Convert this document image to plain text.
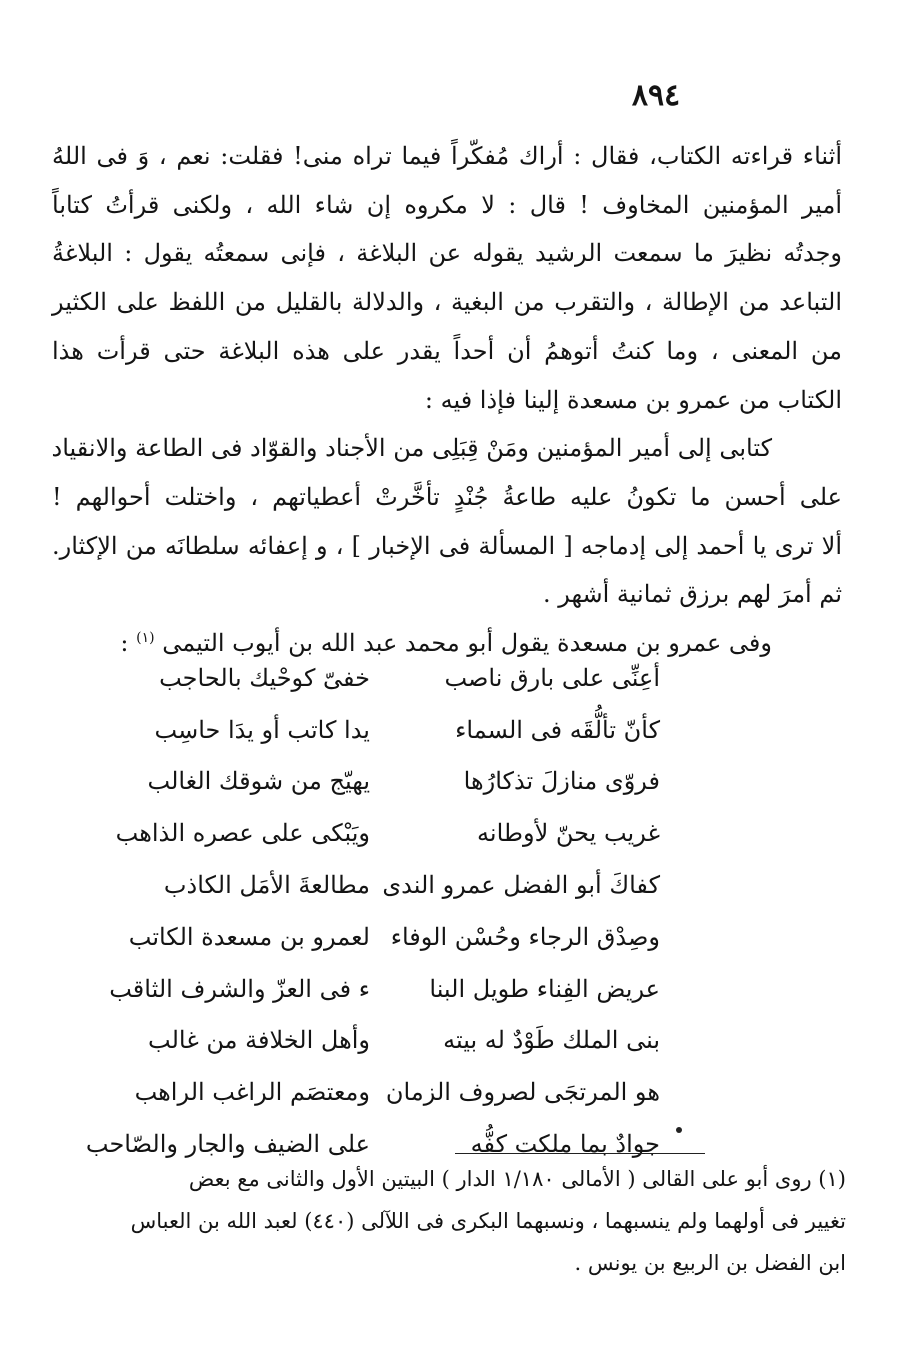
٨٩٤
أثناء قراءته الكتاب، فقال : أراك مُفكّراً فيما تراه منى! فقلت: نعم ، وَ فى اللهُ
أمير المؤمنين المخاوف ! قال : لا مكروه إن شاء الله ، ولكنى قرأتُ كتاباً
وجدتُه نظيرَ ما سمعت الرشيد يقوله عن البلاغة ، فإنى سمعتُه يقول : البلاغةُ
التباعد من الإطالة ، والتقرب من البغية ، والدلالة بالقليل من اللفظ على الكثير
من المعنى ، وما كنتُ أتوهمُ أن أحداً يقدر على هذه البلاغة حتى قرأت هذا
الكتاب من عمرو بن مسعدة إلينا فإذا فيه :
كتابى إلى أمير المؤمنين ومَنْ قِبَلِى من الأجناد والقوّاد فى الطاعة والانقياد
على أحسن ما تكونُ عليه طاعةُ جُنْدٍ تأخَّرتْ أعطياتهم ، واختلت أحوالهم !
ألا ترى يا أحمد إلى إدماجه [ المسألة فى الإخبار ] ، و إعفائه سلطانَه من الإكثار.
ثم أمرَ لهم برزق ثمانية أشهر .
وفى عمرو بن مسعدة يقول أبو محمد عبد الله بن أيوب التيمى $^{(١)}$ :
أعِنِّى على بارق ناصب
خفىّ كوحْيك بالحاجب
كأنّ تألُّقَه فى السماء
يدا كاتب أو يدَا حاسِب
فروّى منازلَ تذكارُها
يهيّج من شوقك الغالب
غريب يحنّ لأوطانه
ويَبْكى على عصره الذاهب
كفاكَ أبو الفضل عمرو الندى
مطالعةَ الأمَل الكاذب
وصِدْق الرجاء وحُسْن الوفاء
لعمرو بن مسعدة الكاتب
عريض الفِناء طويل البنا
ء فى العزّ والشرف الثاقب
بنى الملك طَوْدٌ له بيته
وأهل الخلافة من غالب
هو المرتجَى لصروف الزمان
ومعتصَم الراغب الراهب
جوادٌ بما ملكت كفُّه
على الضيف والجار والصّاحب
(١) روى أبو على القالى ( الأمالى ١/١٨٠ الدار ) البيتين الأول والثانى مع بعض
تغيير فى أولهما ولم ينسبهما ، ونسبهما البكرى فى اللآلى (٤٤٠) لعبد الله بن العباس
ابن الفضل بن الربيع بن يونس .
